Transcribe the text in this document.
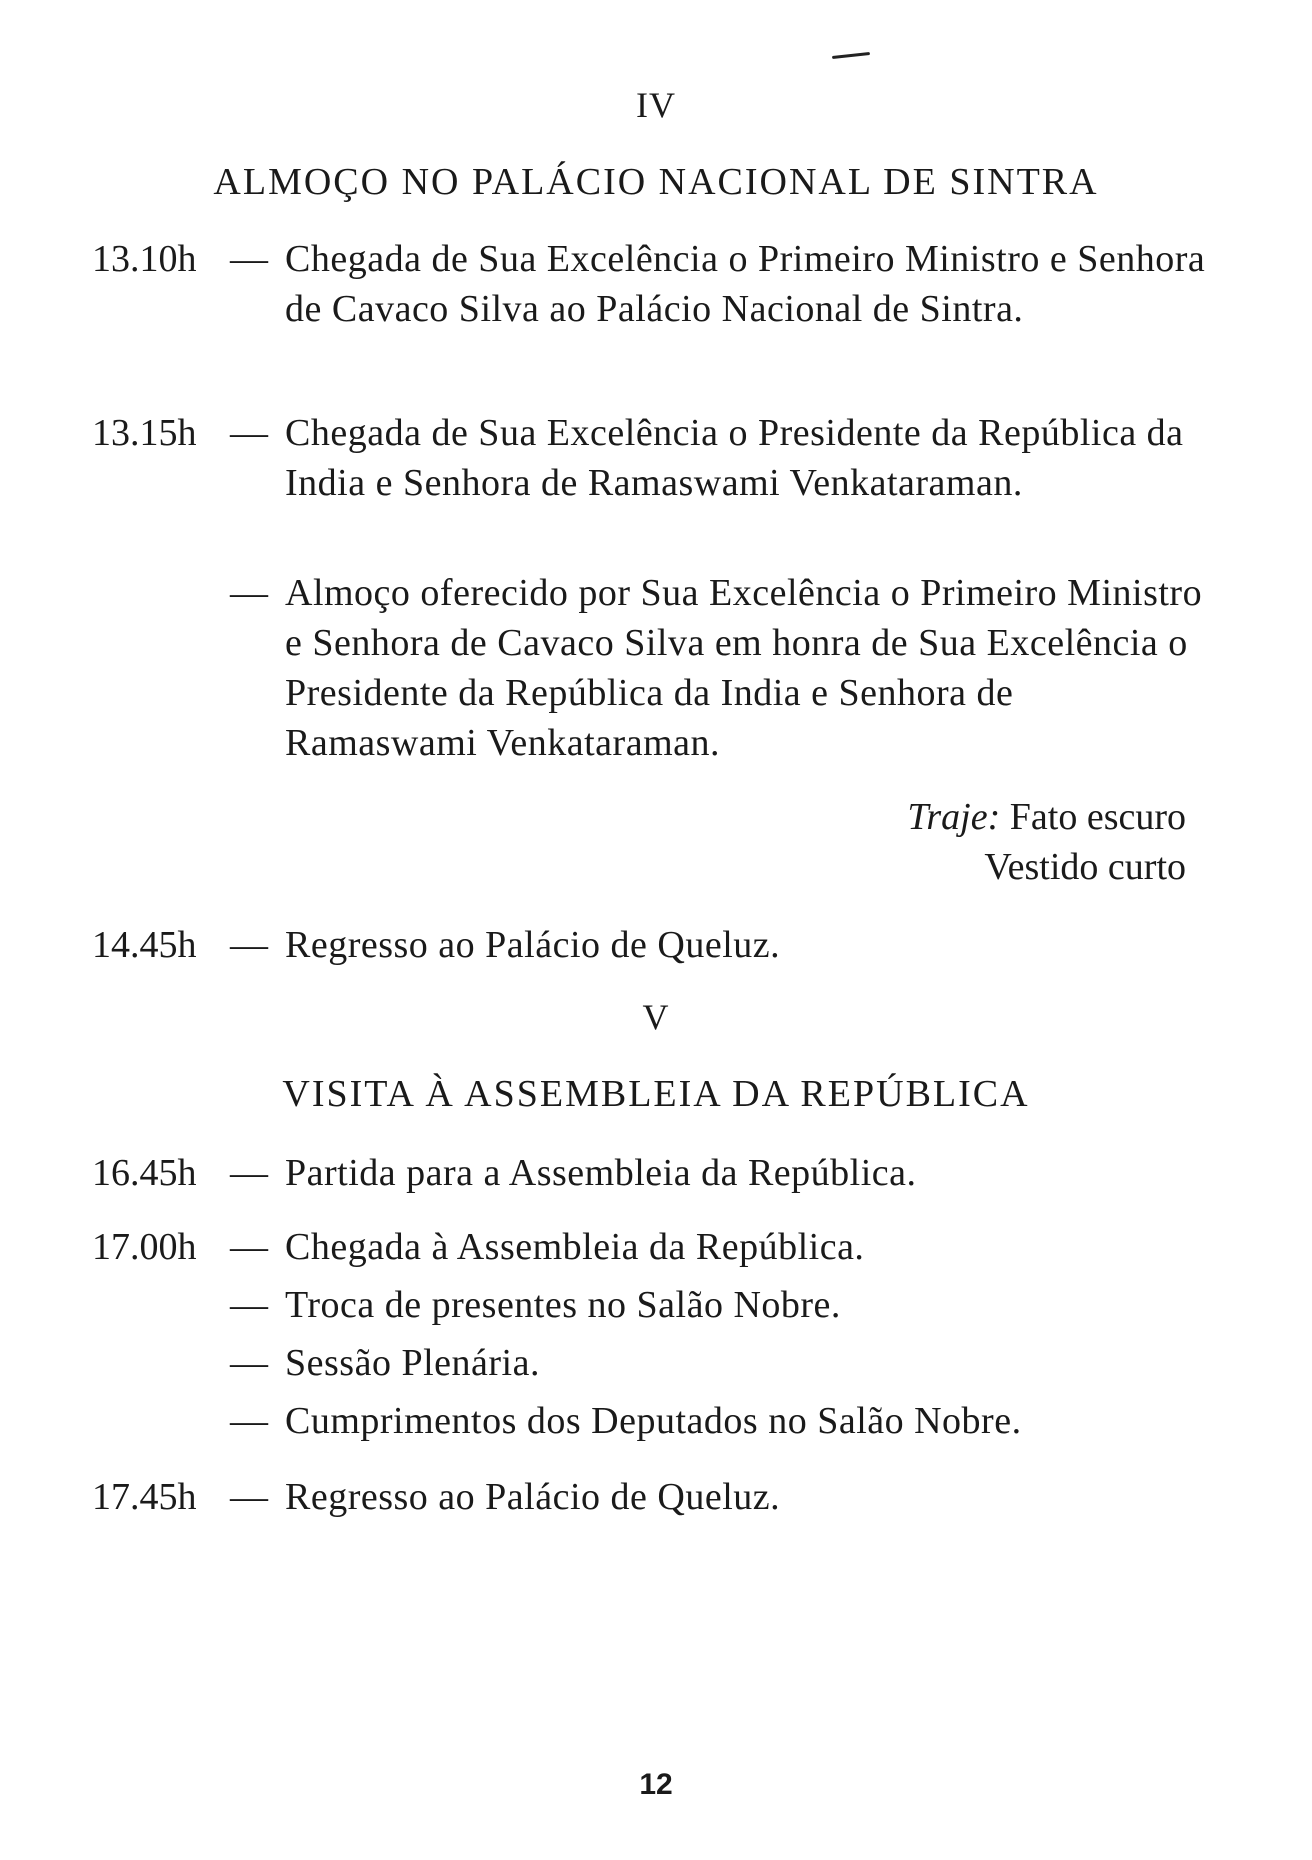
IV
ALMOÇO NO PALÁCIO NACIONAL DE SINTRA
13.10h — Chegada de Sua Excelência o Primeiro Ministro e Senhora de Cavaco Silva ao Palácio Nacional de Sintra.
13.15h — Chegada de Sua Excelência o Presidente da República da India e Senhora de Ramaswami Venkataraman.
— Almoço oferecido por Sua Excelência o Primeiro Ministro e Senhora de Cavaco Silva em honra de Sua Excelência o Presidente da República da India e Senhora de Ramaswami Venkataraman.
Traje: Fato escuro
Vestido curto
14.45h — Regresso ao Palácio de Queluz.
V
VISITA À ASSEMBLEIA DA REPÚBLICA
16.45h — Partida para a Assembleia da República.
17.00h — Chegada à Assembleia da República.
— Troca de presentes no Salão Nobre.
— Sessão Plenária.
— Cumprimentos dos Deputados no Salão Nobre.
17.45h — Regresso ao Palácio de Queluz.
12
